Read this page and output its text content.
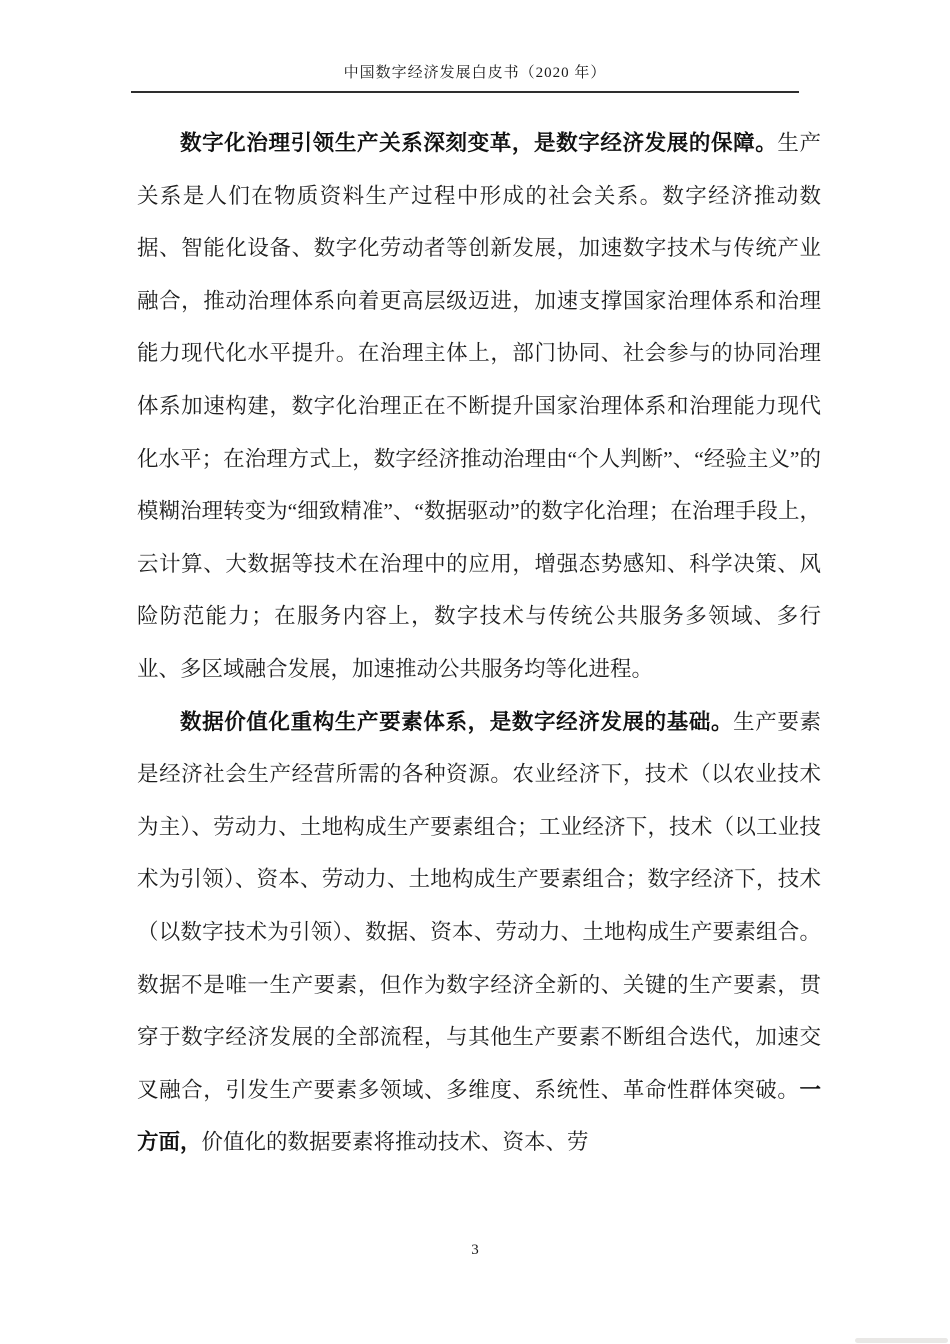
中国数字经济发展白皮书（2020 年）

数字化治理引领生产关系深刻变革，是数字经济发展的保障。生产关系是人们在物质资料生产过程中形成的社会关系。数字经济推动数据、智能化设备、数字化劳动者等创新发展，加速数字技术与传统产业融合，推动治理体系向着更高层级迈进，加速支撑国家治理体系和治理能力现代化水平提升。在治理主体上，部门协同、社会参与的协同治理体系加速构建，数字化治理正在不断提升国家治理体系和治理能力现代化水平；在治理方式上，数字经济推动治理由“个人判断”、“经验主义”的模糊治理转变为“细致精准”、“数据驱动”的数字化治理；在治理手段上，云计算、大数据等技术在治理中的应用，增强态势感知、科学决策、风险防范能力；在服务内容上，数字技术与传统公共服务多领域、多行业、多区域融合发展，加速推动公共服务均等化进程。

数据价值化重构生产要素体系，是数字经济发展的基础。生产要素是经济社会生产经营所需的各种资源。农业经济下，技术（以农业技术为主）、劳动力、土地构成生产要素组合；工业经济下，技术（以工业技术为引领）、资本、劳动力、土地构成生产要素组合；数字经济下，技术（以数字技术为引领）、数据、资本、劳动力、土地构成生产要素组合。数据不是唯一生产要素，但作为数字经济全新的、关键的生产要素，贯穿于数字经济发展的全部流程，与其他生产要素不断组合迭代，加速交叉融合，引发生产要素多领域、多维度、系统性、革命性群体突破。一方面，价值化的数据要素将推动技术、资本、劳

3
